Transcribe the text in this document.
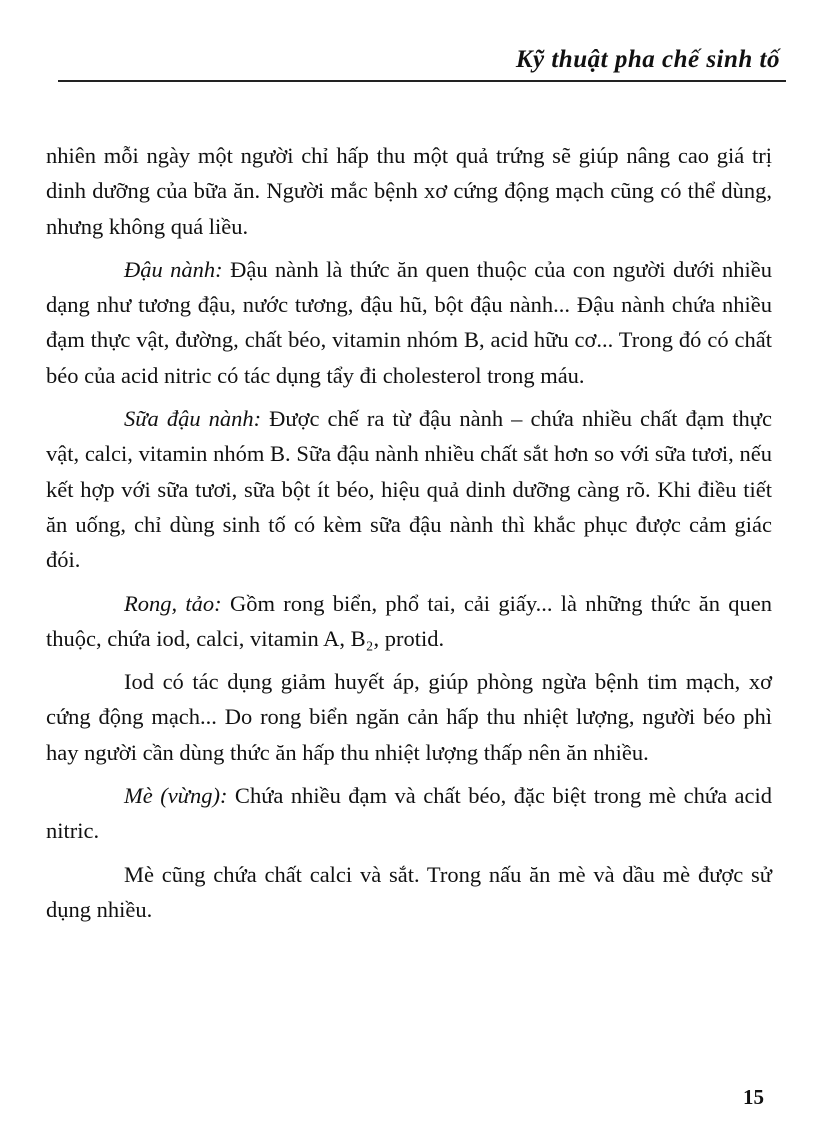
Kỹ thuật pha chế sinh tố

nhiên mỗi ngày một người chỉ hấp thu một quả trứng sẽ giúp nâng cao giá trị dinh dưỡng của bữa ăn. Người mắc bệnh xơ cứng động mạch cũng có thể dùng, nhưng không quá liều.

Đậu nành: Đậu nành là thức ăn quen thuộc của con người dưới nhiều dạng như tương đậu, nước tương, đậu hũ, bột đậu nành... Đậu nành chứa nhiều đạm thực vật, đường, chất béo, vitamin nhóm B, acid hữu cơ... Trong đó có chất béo của acid nitric có tác dụng tẩy đi cholesterol trong máu.

Sữa đậu nành: Được chế ra từ đậu nành – chứa nhiều chất đạm thực vật, calci, vitamin nhóm B. Sữa đậu nành nhiều chất sắt hơn so với sữa tươi, nếu kết hợp với sữa tươi, sữa bột ít béo, hiệu quả dinh dưỡng càng rõ. Khi điều tiết ăn uống, chỉ dùng sinh tố có kèm sữa đậu nành thì khắc phục được cảm giác đói.

Rong, tảo: Gồm rong biển, phổ tai, cải giấy... là những thức ăn quen thuộc, chứa iod, calci, vitamin A, B₂, protid.

Iod có tác dụng giảm huyết áp, giúp phòng ngừa bệnh tim mạch, xơ cứng động mạch... Do rong biển ngăn cản hấp thu nhiệt lượng, người béo phì hay người cần dùng thức ăn hấp thu nhiệt lượng thấp nên ăn nhiều.

Mè (vừng): Chứa nhiều đạm và chất béo, đặc biệt trong mè chứa acid nitric.

Mè cũng chứa chất calci và sắt. Trong nấu ăn mè và dầu mè được sử dụng nhiều.

15
